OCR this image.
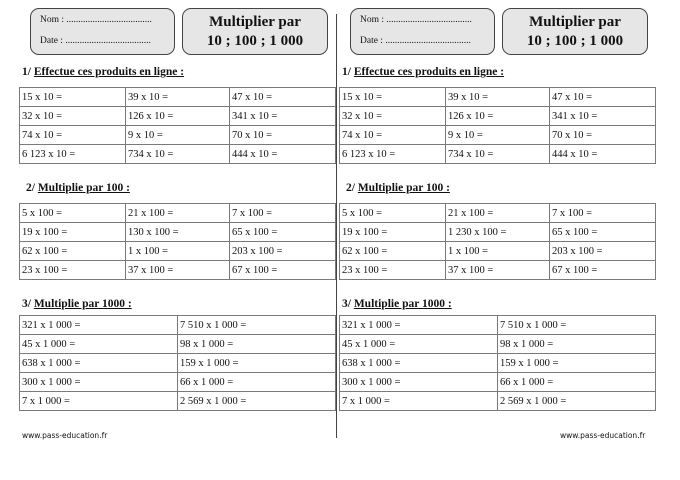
Nom : ....................................
Date : ....................................
Multiplier par
10 ; 100 ; 1 000
1/ Effectue ces produits en ligne :
15 x 10 =	39 x 10 =	47 x 10 =
32 x 10 =	126 x 10 =	341 x 10 =
74 x 10 =	9 x 10 =	70 x 10 =
6 123 x 10 =	734 x 10 =	444 x 10 =
2/ Multiplie par 100 :
5 x 100 =	21 x 100 =	7 x 100 =
19 x 100 =	130 x 100 =	65 x 100 =
62 x 100 =	1 x 100 =	203 x 100 =
23 x 100 =	37 x 100 =	67 x 100 =
3/ Multiplie par 1000 :
321 x 1 000 =	7 510 x 1 000 =
45 x 1 000 =	98 x 1 000 =
638 x 1 000 =	159 x 1 000 =
300 x 1 000 =	66 x 1 000 =
7 x 1 000 =	2 569 x 1 000 =
www.pass-education.fr
Nom : ....................................
Date : ....................................
Multiplier par
10 ; 100 ; 1 000
1/ Effectue ces produits en ligne :
15 x 10 =	39 x 10 =	47 x 10 =
32 x 10 =	126 x 10 =	341 x 10 =
74 x 10 =	9 x 10 =	70 x 10 =
6 123 x 10 =	734 x 10 =	444 x 10 =
2/ Multiplie par 100 :
5 x 100 =	21 x 100 =	7 x 100 =
19 x 100 =	1 230 x 100 =	65 x 100 =
62 x 100 =	1 x 100 =	203 x 100 =
23 x 100 =	37 x 100 =	67 x 100 =
3/ Multiplie par 1000 :
321 x 1 000 =	7 510 x 1 000 =
45 x 1 000 =	98 x 1 000 =
638 x 1 000 =	159 x 1 000 =
300 x 1 000 =	66 x 1 000 =
7 x 1 000 =	2 569 x 1 000 =
www.pass-education.fr
